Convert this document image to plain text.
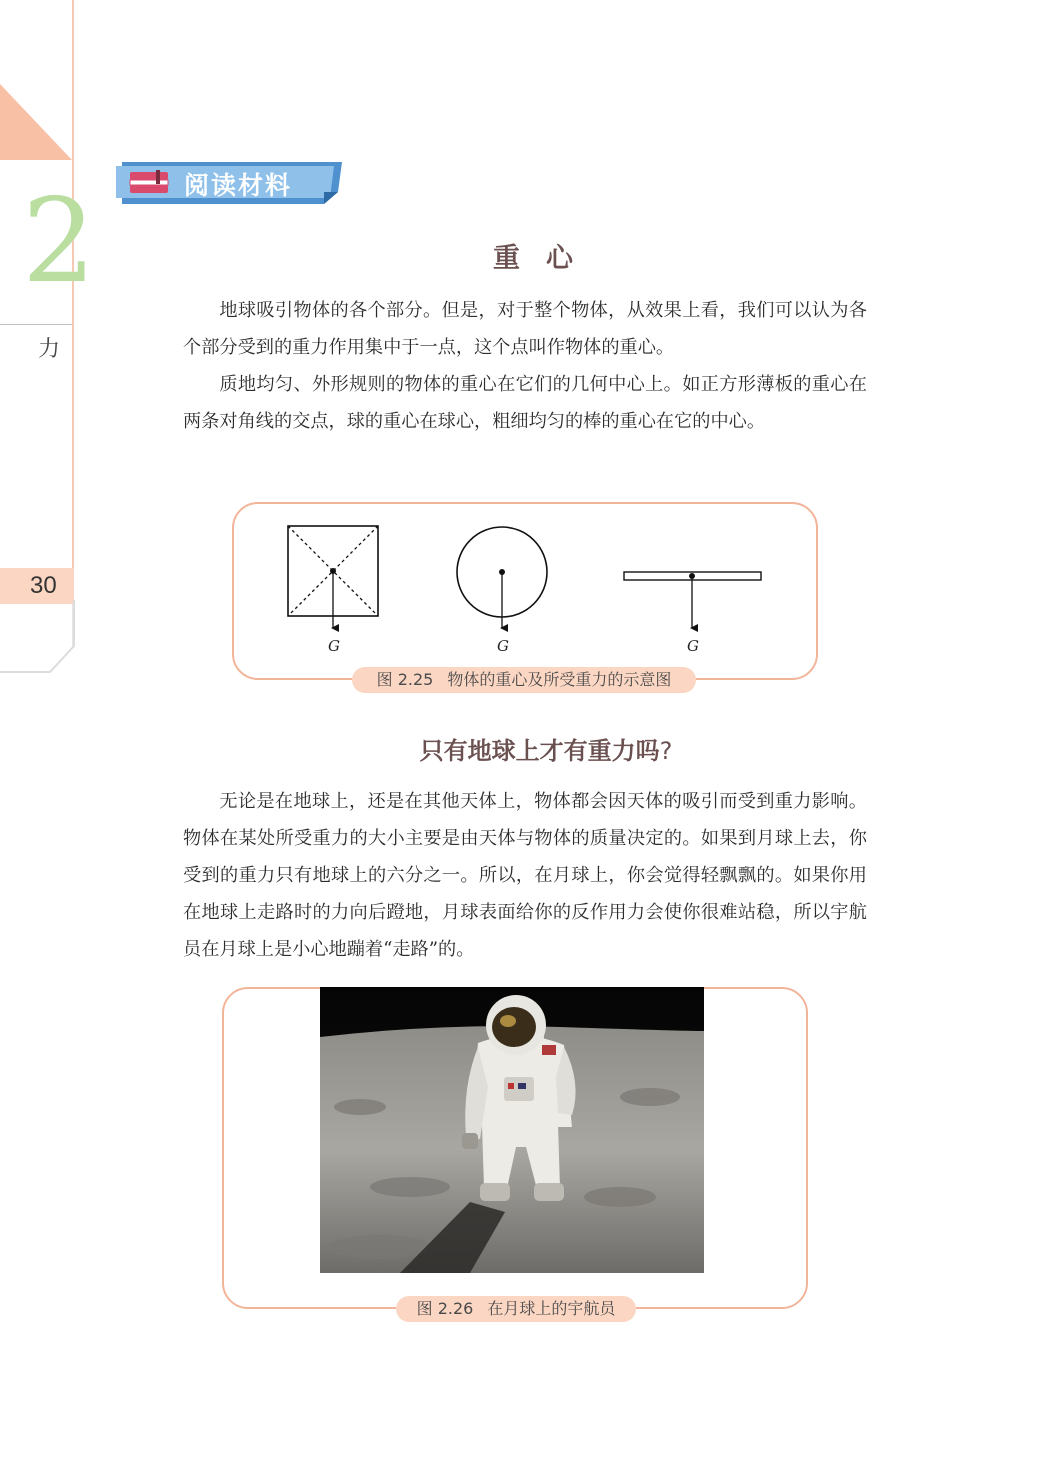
2
力
30
阅读材料
重心

地球吸引物体的各个部分。但是，对于整个物体，从效果上看，我们可以认为各个部分受到的重力作用集中于一点，这个点叫作物体的重心。

质地均匀、外形规则的物体的重心在它们的几何中心上。如正方形薄板的重心在两条对角线的交点，球的重心在球心，粗细均匀的棒的重心在它的中心。

G	G	G
图 2.25 物体的重心及所受重力的示意图
只有地球上才有重力吗?

无论是在地球上，还是在其他天体上，物体都会因天体的吸引而受到重力影响。物体在某处所受重力的大小主要是由天体与物体的质量决定的。如果到月球上去，你受到的重力只有地球上的六分之一。所以，在月球上，你会觉得轻飘飘的。如果你用在地球上走路时的力向后蹬地，月球表面给你的反作用力会使你很难站稳，所以宇航员在月球上是小心地蹦着“走路”的。

图 2.26 在月球上的宇航员
